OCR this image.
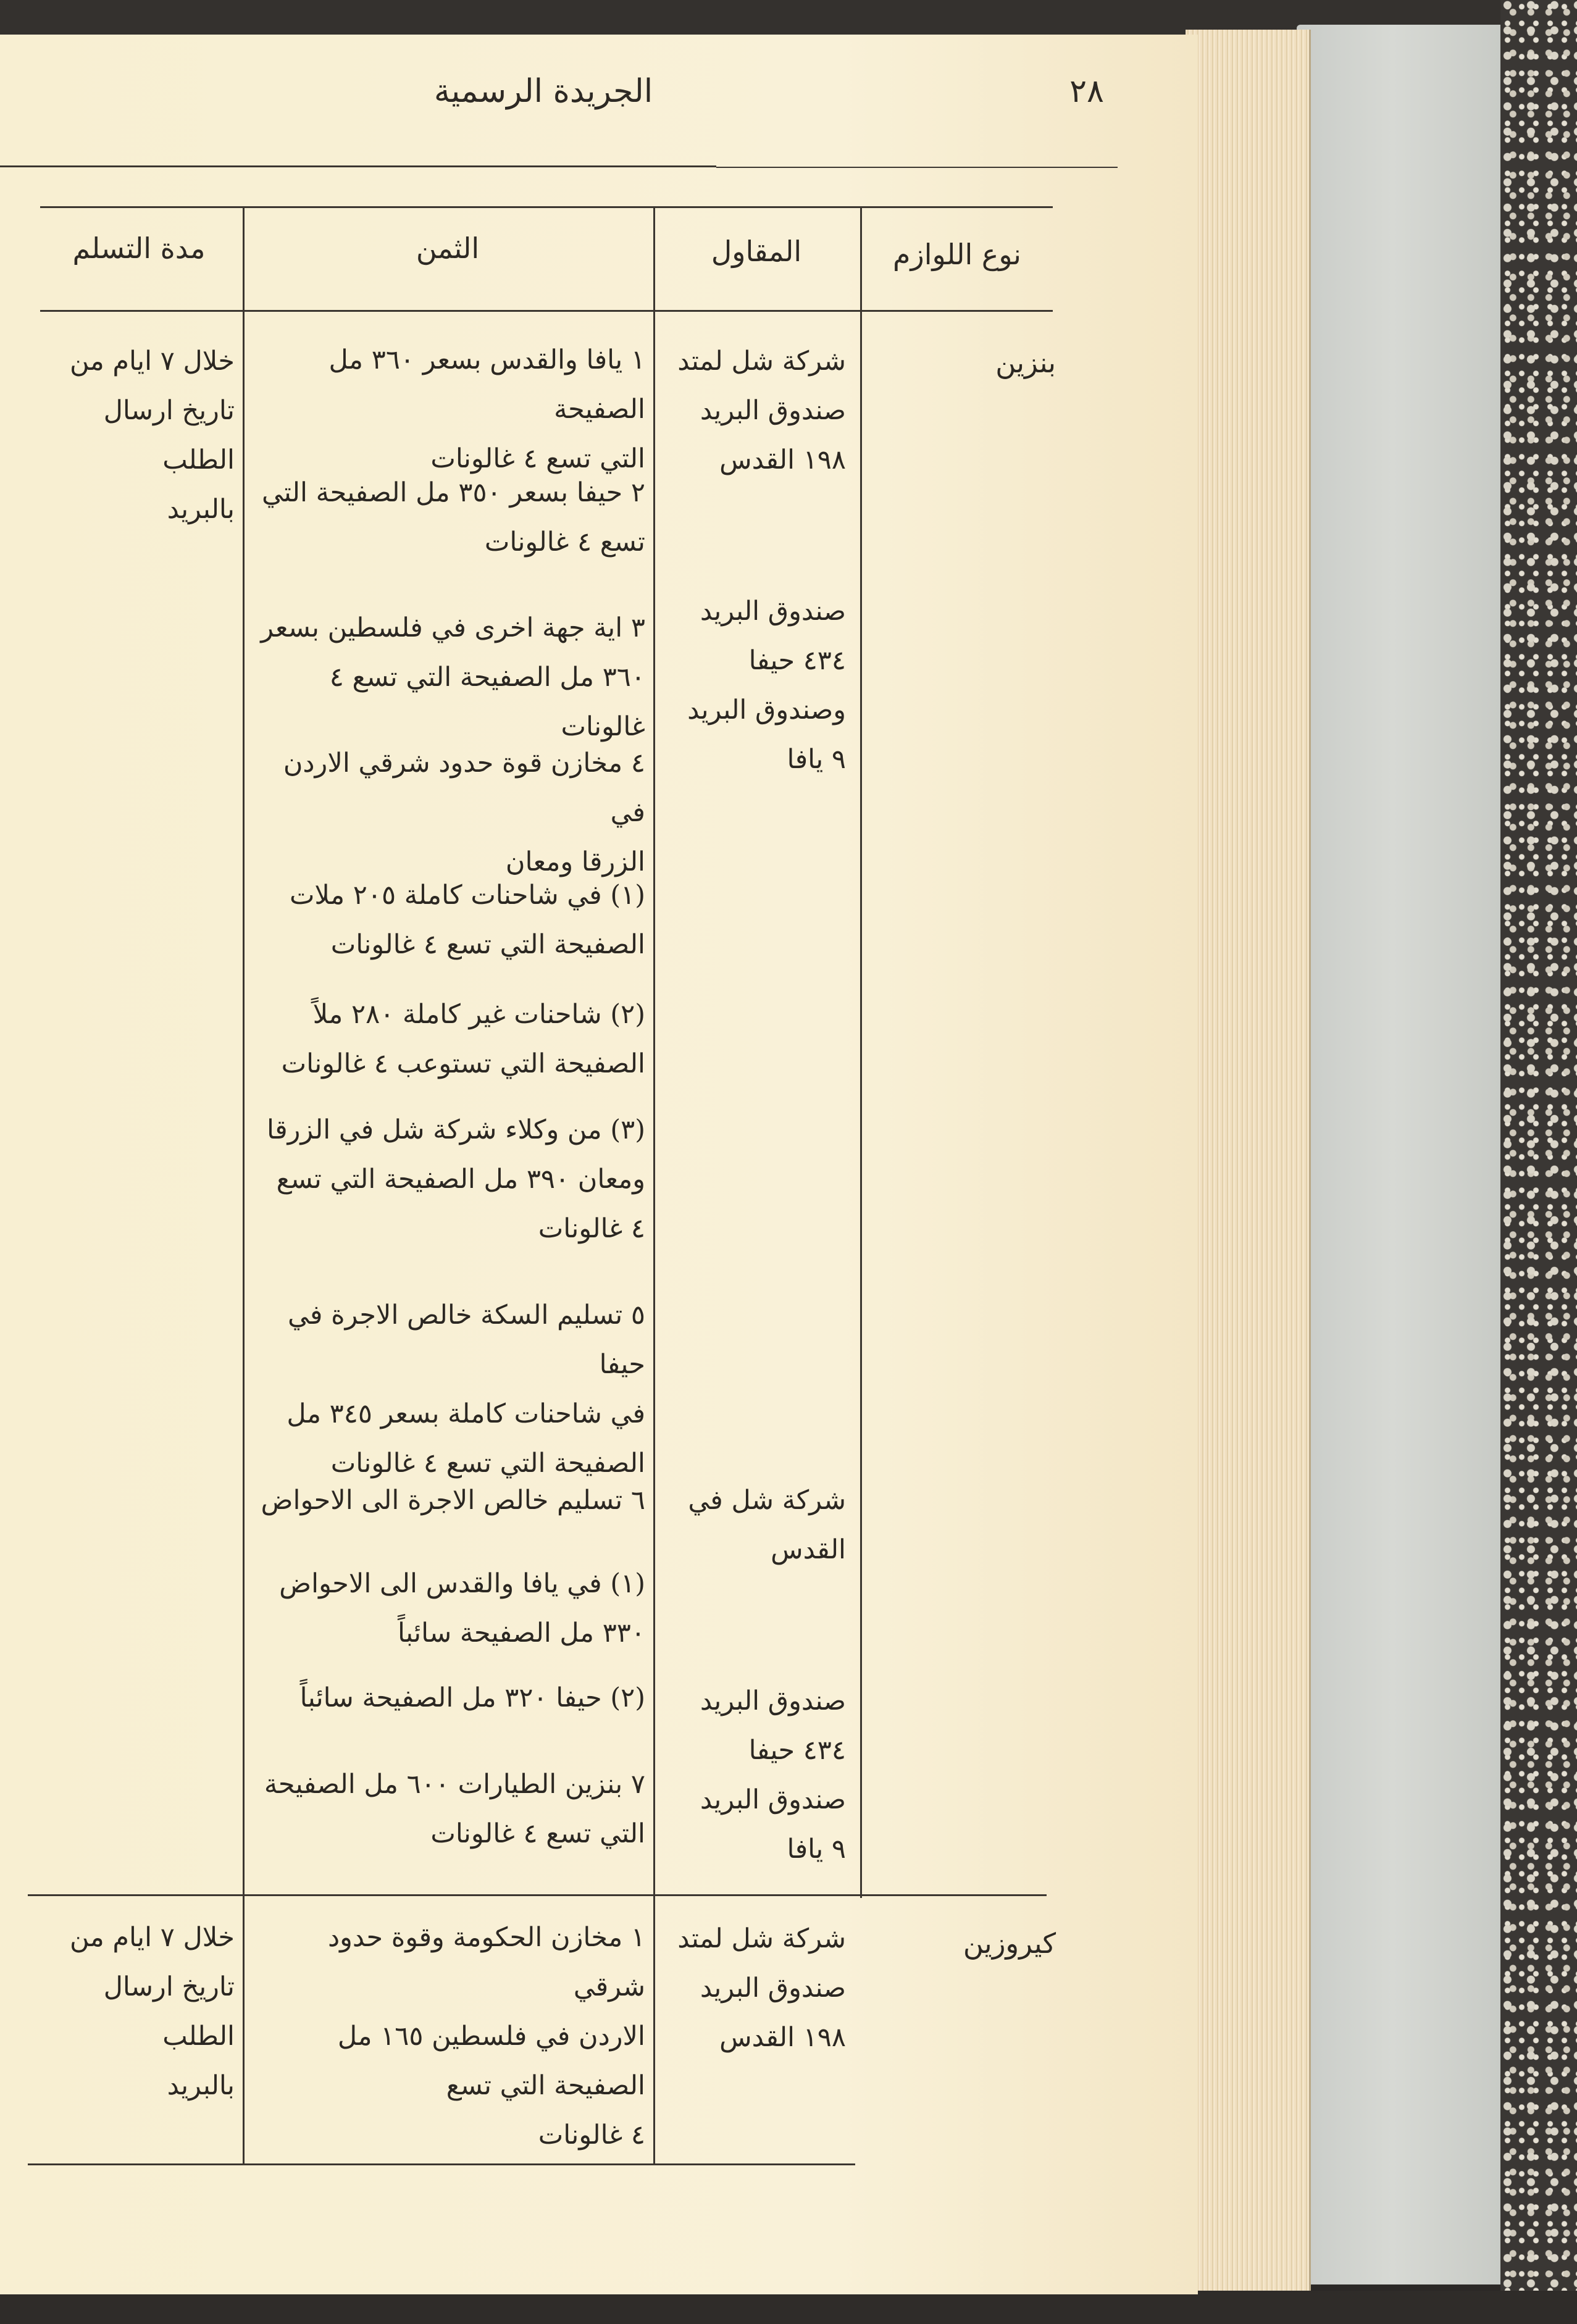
٢٨
الجريدة الرسمية
نوع اللوازم
المقاول
الثمن
مدة التسلم
بنزين
شركة شل لمتد
صندوق البريد
١٩٨ القدس
صندوق البريد
٤٣٤ حيفا
وصندوق البريد
٩ يافا
شركة شل في
القدس
صندوق البريد
٤٣٤ حيفا
صندوق البريد
٩ يافا
١ يافا والقدس بسعر ٣٦٠ مل الصفيحة
التي تسع ٤ غالونات
٢ حيفا بسعر ٣٥٠ مل الصفيحة التي
تسع ٤ غالونات
٣ اية جهة اخرى في فلسطين بسعر
٣٦٠ مل الصفيحة التي تسع ٤ غالونات
٤ مخازن قوة حدود شرقي الاردن في
الزرقا ومعان
(١) في شاحنات كاملة ٢٠٥ ملات
الصفيحة التي تسع ٤ غالونات
(٢) شاحنات غير كاملة ٢٨٠ ملاً
الصفيحة التي تستوعب ٤ غالونات
(٣) من وكلاء شركة شل في الزرقا
ومعان ٣٩٠ مل الصفيحة التي تسع
٤ غالونات
٥ تسليم السكة خالص الاجرة في حيفا
في شاحنات كاملة بسعر ٣٤٥ مل
الصفيحة التي تسع ٤ غالونات
٦ تسليم خالص الاجرة الى الاحواض
(١) في يافا والقدس الى الاحواض
٣٣٠ مل الصفيحة سائباً
(٢) حيفا ٣٢٠ مل الصفيحة سائباً
٧ بنزين الطيارات ٦٠٠ مل الصفيحة
التي تسع ٤ غالونات
خلال ٧ ايام من
تاريخ ارسال الطلب
بالبريد
كيروزين
شركة شل لمتد
صندوق البريد
١٩٨ القدس
١ مخازن الحكومة وقوة حدود شرقي
الاردن في فلسطين ١٦٥ مل
الصفيحة التي تسع
٤ غالونات
خلال ٧ ايام من
تاريخ ارسال الطلب
بالبريد
